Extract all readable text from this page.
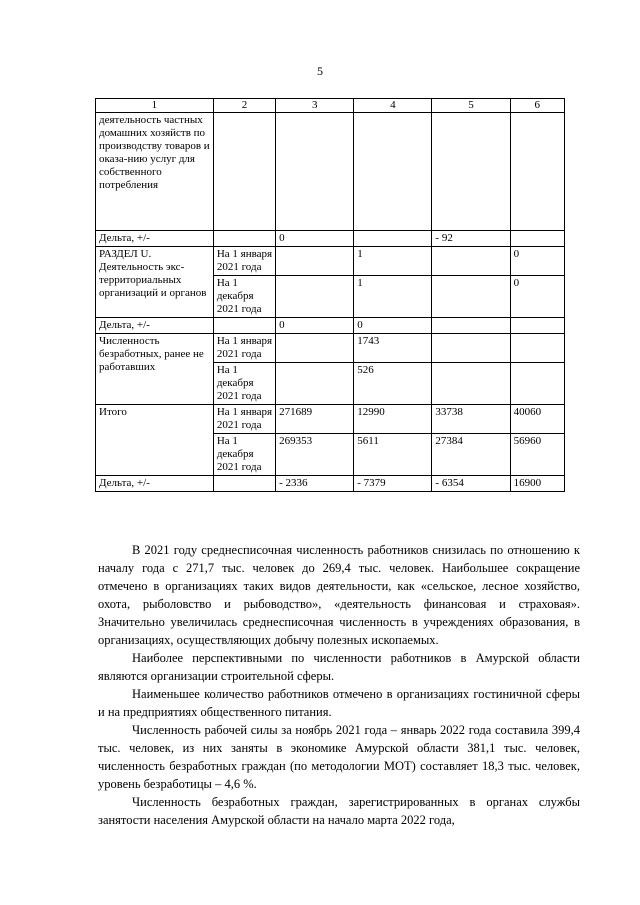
5
1	2	3	4	5	6
деятельность частных домашних хозяйств по производству товаров и оказа-нию услуг для собственного потребления					
Дельта, +/-		0		- 92	
РАЗДЕЛ U. Деятельность экс-территориальных организаций и органов	На 1 января 2021 года		1		0
	На 1 декабря 2021 года		1		0
Дельта, +/-		0	0		
Численность безработных, ранее не работавших	На 1 января 2021 года		1743		
	На 1 декабря 2021 года		526		
Итого	На 1 января 2021 года	271689	12990	33738	40060
	На 1 декабря 2021 года	269353	5611	27384	56960
Дельта, +/-		- 2336	- 7379	- 6354	16900

В 2021 году среднесписочная численность работников снизилась по отношению к началу года с 271,7 тыс. человек до 269,4 тыс. человек. Наибольшее сокращение отмечено в организациях таких видов деятельности, как «сельское, лесное хозяйство, охота, рыболовство и рыбоводство», «деятельность финансовая и страховая». Значительно увеличилась среднесписочная численность в учреждениях образования, в организациях, осуществляющих добычу полезных ископаемых.

Наиболее перспективными по численности работников в Амурской области являются организации строительной сферы.

Наименьшее количество работников отмечено в организациях гостиничной сферы и на предприятиях общественного питания.

Численность рабочей силы за ноябрь 2021 года – январь 2022 года составила 399,4 тыс. человек, из них заняты в экономике Амурской области 381,1 тыс. человек, численность безработных граждан (по методологии МОТ) составляет 18,3 тыс. человек, уровень безработицы – 4,6 %.

Численность безработных граждан, зарегистрированных в органах службы занятости населения Амурской области на начало марта 2022 года,
